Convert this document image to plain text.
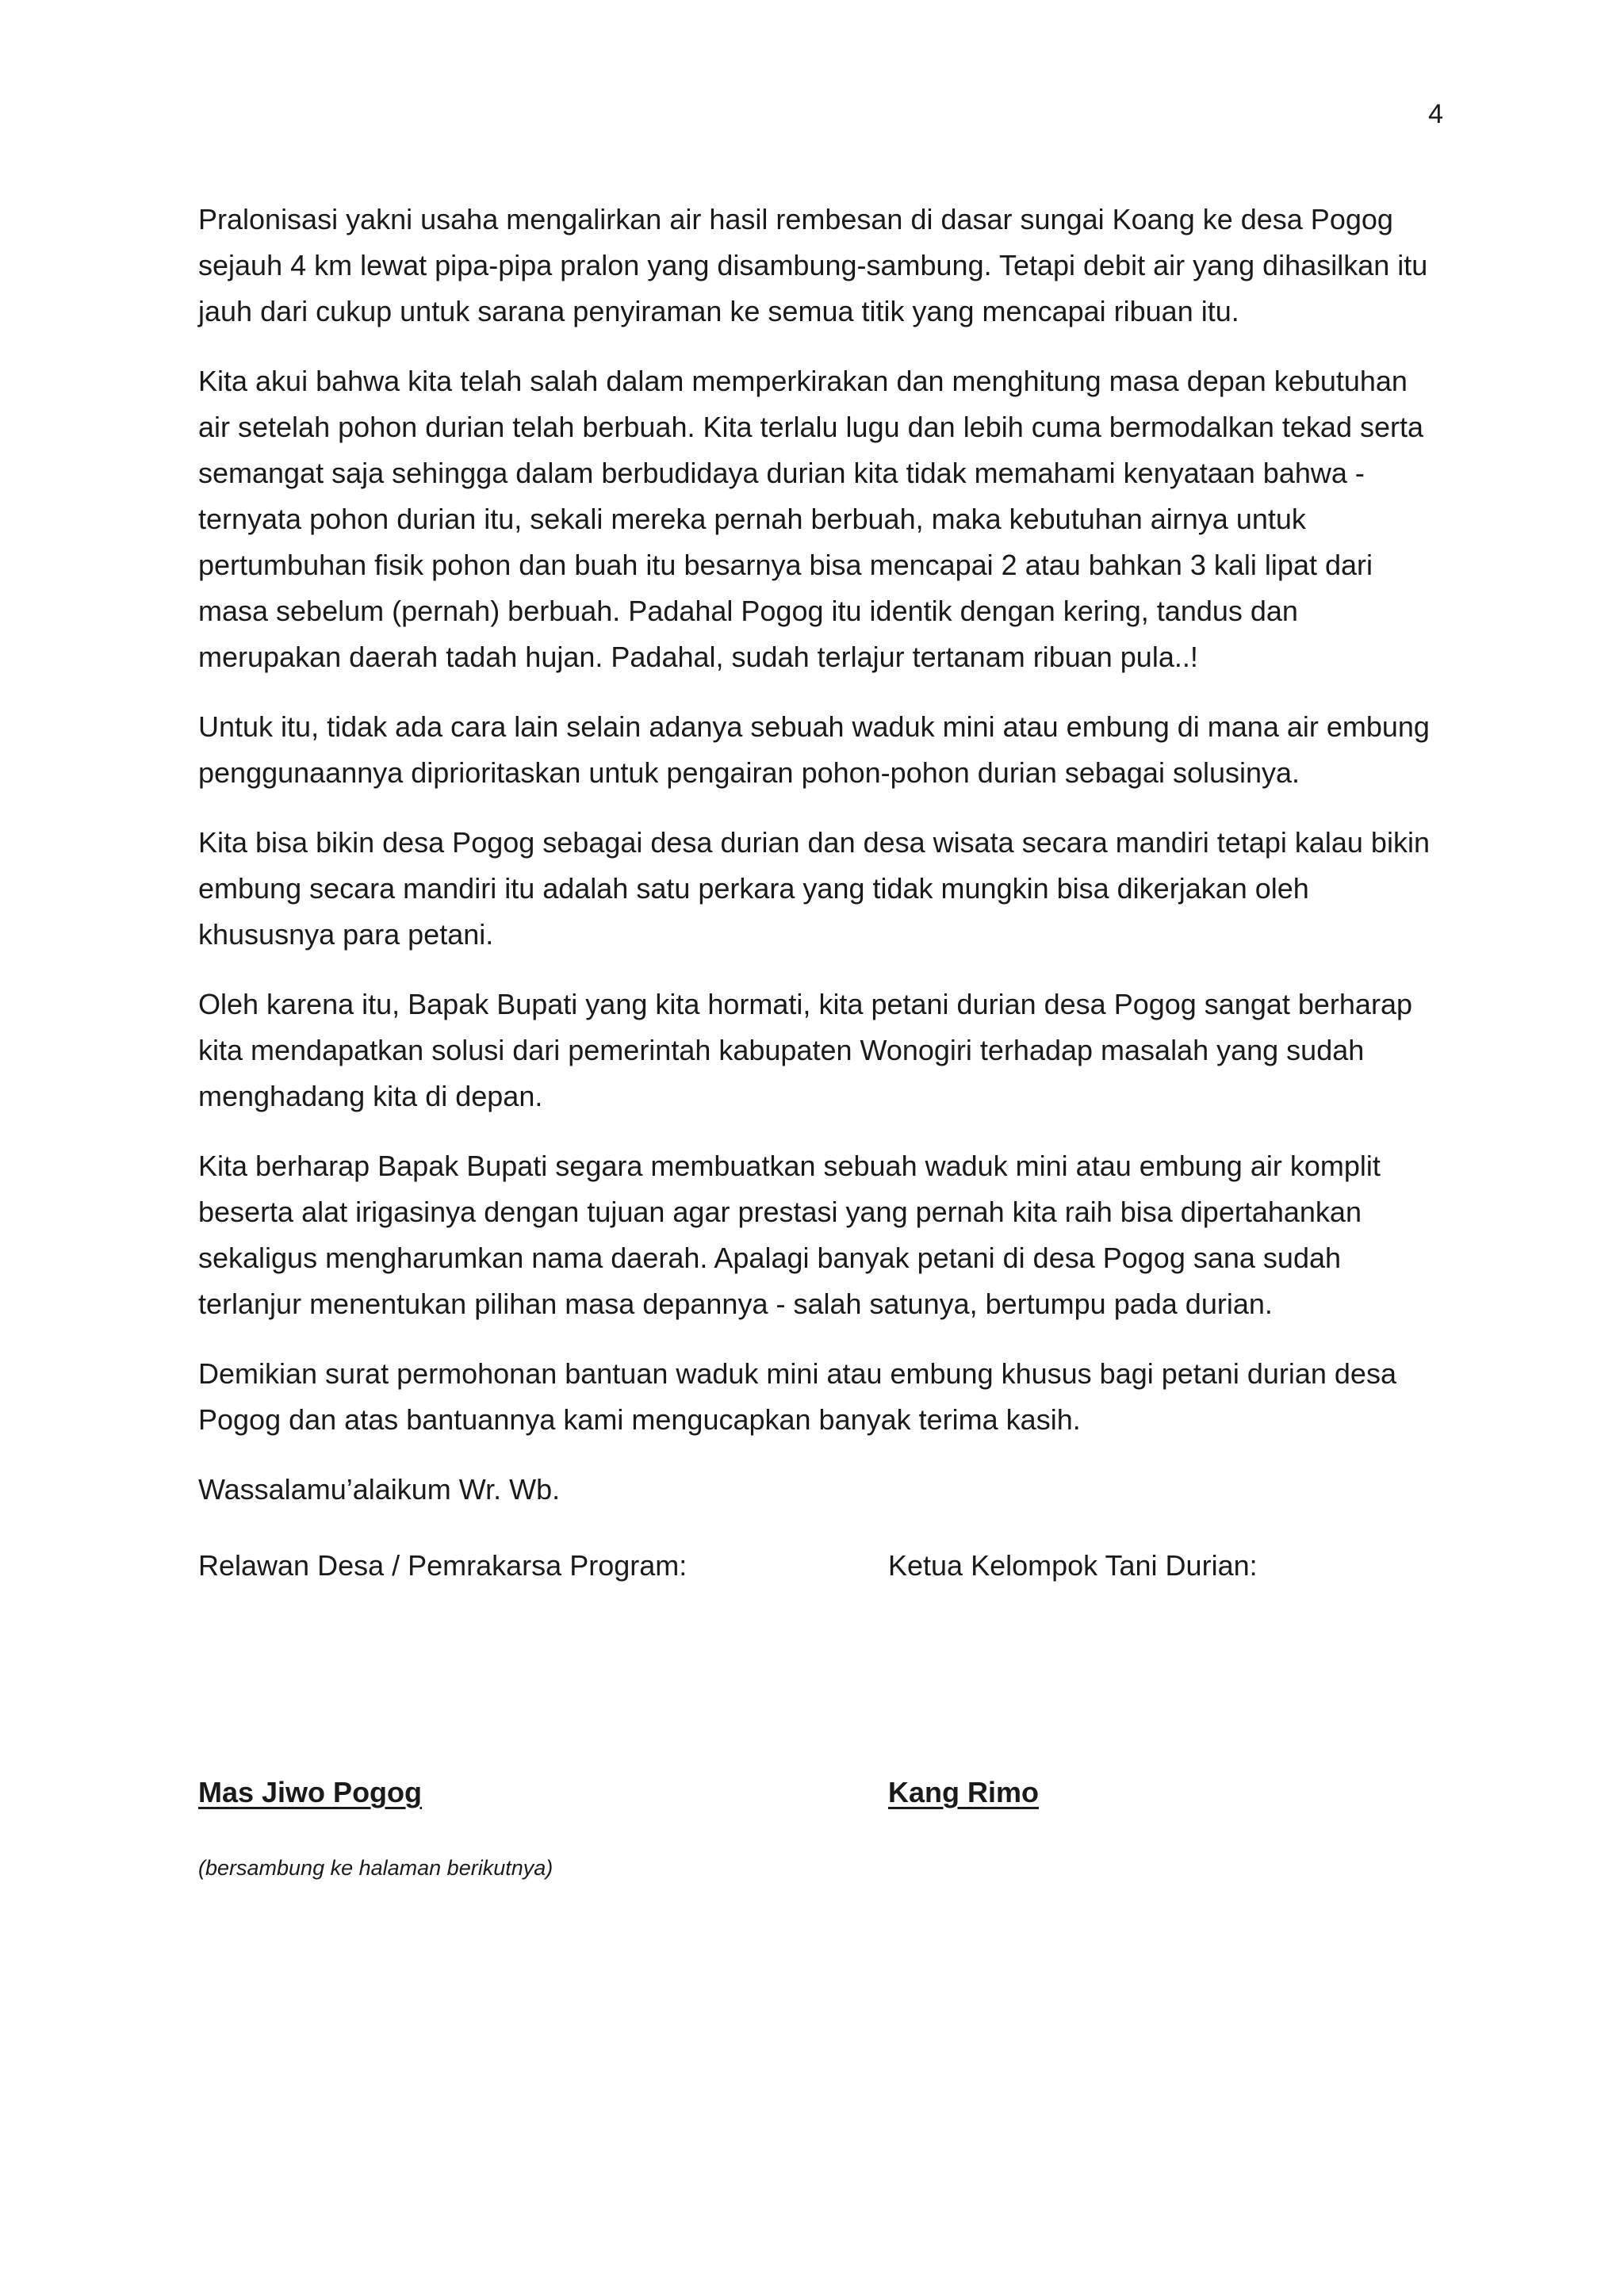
4

Pralonisasi yakni usaha mengalirkan air hasil rembesan di dasar sungai Koang ke desa Pogog sejauh 4 km lewat pipa-pipa pralon yang disambung-sambung. Tetapi debit air yang dihasilkan itu jauh dari cukup untuk sarana penyiraman ke semua titik yang mencapai ribuan itu.

Kita akui bahwa kita telah salah dalam memperkirakan dan menghitung masa depan kebutuhan air setelah pohon durian telah berbuah. Kita terlalu lugu dan lebih cuma bermodalkan tekad serta semangat saja sehingga dalam berbudidaya durian kita tidak memahami kenyataan bahwa - ternyata pohon durian itu, sekali mereka pernah berbuah, maka kebutuhan airnya untuk pertumbuhan fisik pohon dan buah itu besarnya bisa mencapai 2 atau bahkan 3 kali lipat dari masa sebelum (pernah) berbuah. Padahal Pogog itu identik dengan kering, tandus dan merupakan daerah tadah hujan. Padahal, sudah terlajur tertanam ribuan pula..!

Untuk itu, tidak ada cara lain selain adanya sebuah waduk mini atau embung di mana air embung penggunaannya diprioritaskan untuk pengairan pohon-pohon durian sebagai solusinya.

Kita bisa bikin desa Pogog sebagai desa durian dan desa wisata secara mandiri tetapi kalau bikin embung secara mandiri itu adalah satu perkara yang tidak mungkin bisa dikerjakan oleh khususnya para petani.

Oleh karena itu, Bapak Bupati yang kita hormati, kita petani durian desa Pogog sangat berharap kita mendapatkan solusi dari pemerintah kabupaten Wonogiri terhadap masalah yang sudah menghadang kita di depan.

Kita berharap Bapak Bupati segara membuatkan sebuah waduk mini atau embung air komplit beserta alat irigasinya dengan tujuan agar prestasi yang pernah kita raih bisa dipertahankan sekaligus mengharumkan nama daerah. Apalagi banyak petani di desa Pogog sana sudah terlanjur menentukan pilihan masa depannya - salah satunya, bertumpu pada durian.

Demikian surat permohonan bantuan waduk mini atau embung khusus bagi petani durian desa Pogog dan atas bantuannya kami mengucapkan banyak terima kasih.

Wassalamu’alaikum Wr. Wb.

Relawan Desa / Pemrakarsa Program:

Mas Jiwo Pogog

Ketua Kelompok Tani Durian:

Kang Rimo

(bersambung ke halaman berikutnya)
